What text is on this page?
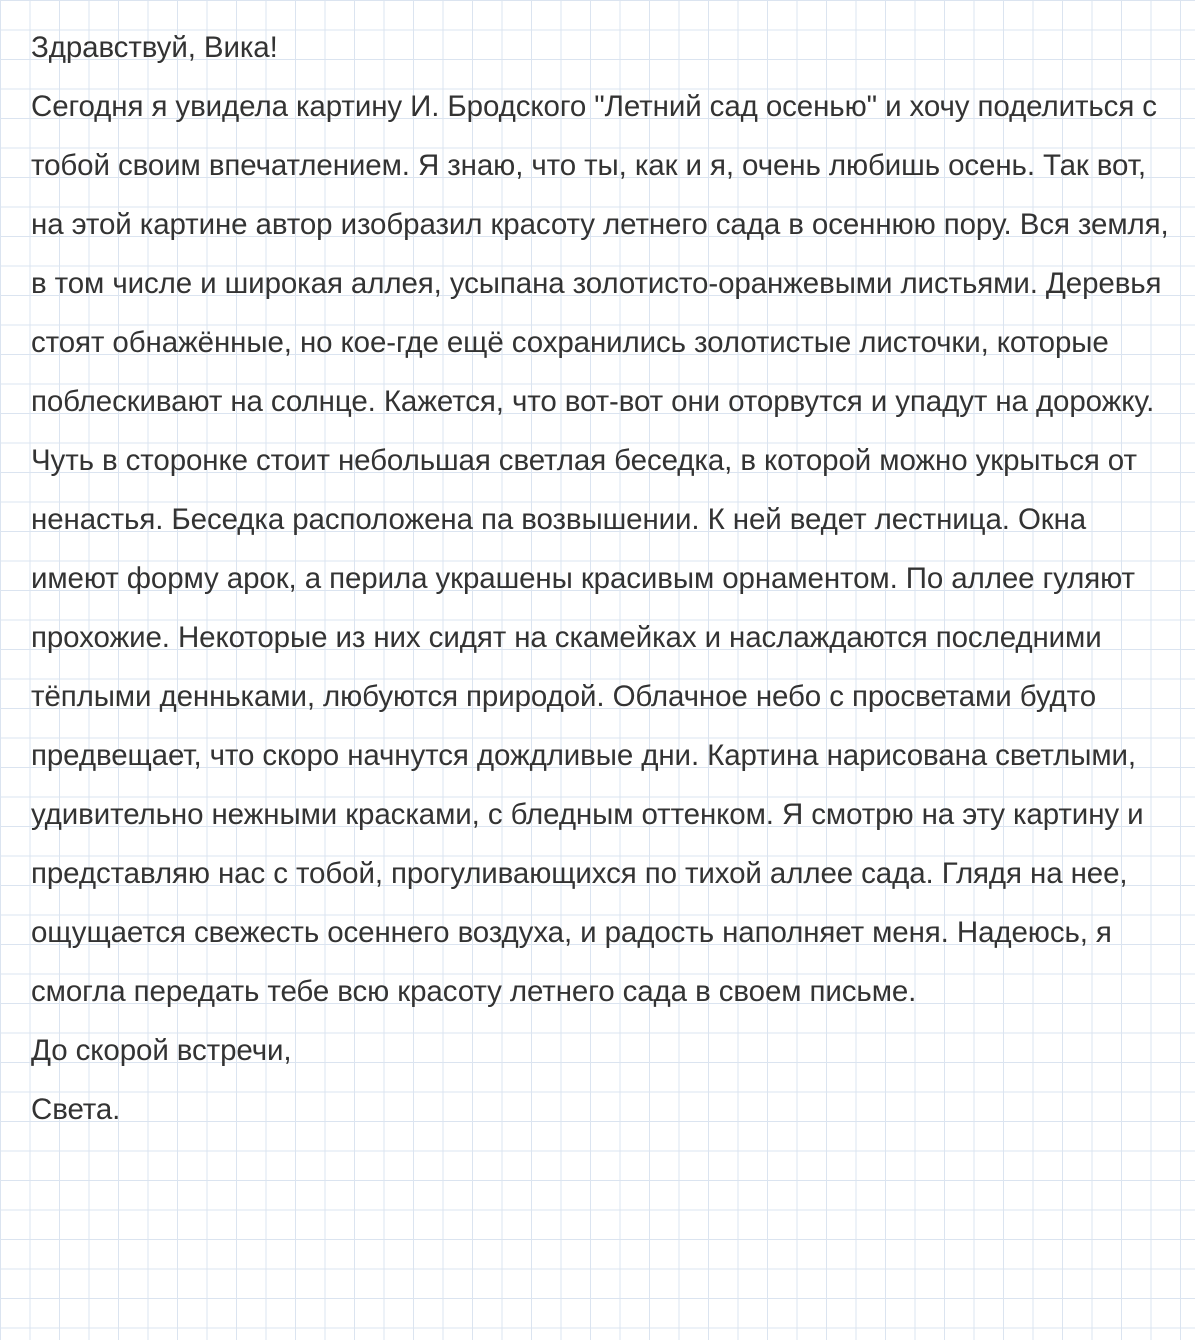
Здравствуй, Вика!

Сегодня я увидела картину И. Бродского "Летний сад осенью" и хочу поделиться с тобой своим впечатлением. Я знаю, что ты, как и я, очень любишь осень. Так вот, на этой картине автор изобразил красоту летнего сада в осеннюю пору. Вся земля, в том числе и широкая аллея, усыпана золотисто-оранжевыми листьями. Деревья стоят обнажённые, но кое-где ещё сохранились золотистые листочки, которые поблескивают на солнце. Кажется, что вот-вот они оторвутся и упадут на дорожку. Чуть в сторонке стоит небольшая светлая беседка, в которой можно укрыться от ненастья. Беседка расположена па возвышении. К ней ведет лестница. Окна имеют форму арок, а перила украшены красивым орнаментом. По аллее гуляют прохожие. Некоторые из них сидят на скамейках и наслаждаются последними тёплыми денньками, любуются природой. Облачное небо с просветами будто предвещает, что скоро начнутся дождливые дни. Картина нарисована светлыми, удивительно нежными красками, с бледным оттенком. Я смотрю на эту картину и представляю нас с тобой, прогуливающихся по тихой аллее сада. Глядя на нее, ощущается свежесть осеннего воздуха, и радость наполняет меня. Надеюсь, я смогла передать тебе всю красоту летнего сада в своем письме.

До скорой встречи,

Света.
